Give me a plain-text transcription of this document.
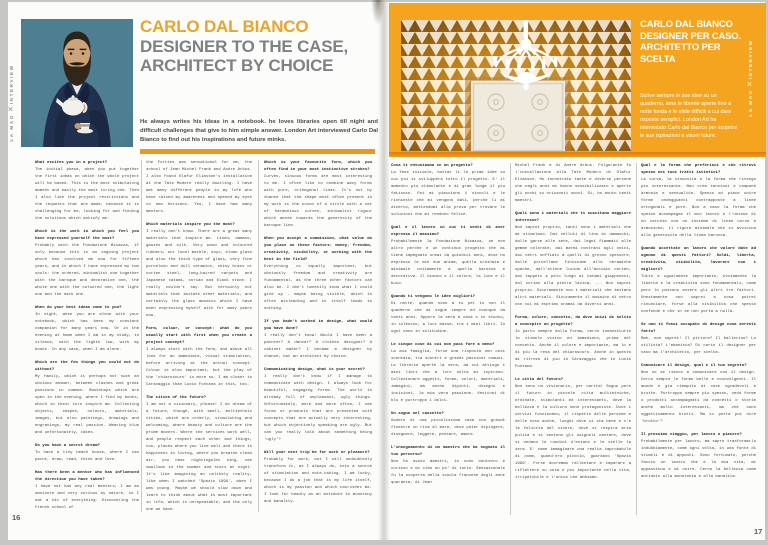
LA MAG
✕
INTERVIEW
CARLO DAL BIANCO
DESIGNER TO THE CASE,
ARCHITECT BY CHOICE
He always writes his ideas in a notebook. he loves libraries open till night and difficult challenges that give to him simple answer. London Art interviewed Carlo Dal Bianco to find out his inspirations and future minks.
What excites you in a project?
The initial phase, when you put together the first ideas on which the whole project will be based. This is the most stimulating moment and easily the most tiring one. Then I also like the project restrictions and the requests that are made, because it is challenging for me, looking for and finding the solutions which satisfy me.
Which is the work in which you feel you have expressed yourself the most?
Probably with the Fondazione Bisazza, if only because this is an ongoing project which has involved me now for fifteen years, and in which I have expressed my two souls: the ordered, minimalist one together with the baroque and decorative one, the white one with the coloured one, the light one and the dark one.
When do your best ideas come to you?
In night, when you are alone with your notebook, which has been my constant companion for many years now. Or in the evening at home when I am in my study, in silence, with the lights low, with my books. In any case, when I am alone.
Which are the few things you could not do without?
My family, which is perhaps not such an obvious answer, between clashes and great passions in common. Bookshops which are open in the evening, where I find my books, which in their turn inspire me. Collecting objects, shapes, colours, materials, images, but also paintings, drawings and engravings, my real passion. Wearing blue and unfortunately, cakes.
Do you have a secret dream?
To have a tiny beach house, where I can paint, draw, read, think and love.
Has there been a mentor who has influenced the direction you have taken?
I have not had any real mentors, I am an omnivore and very curious by nature, so I eat a bit of everything. Discovering the French school of
the Forties was sensational for me, the school of Jean Michel Frank and Andre Arbus. I also found Olafur Eliasson's installation at the Tate Modern really dazzling. I have met many different people in my life who have raised my awareness and opened my eyes to new horizons. Yes, I have had many mentors.
Which materials inspire you the most?
I really don't know. There are a great many materials that inspire me. Linen, damask, gauzes and silk. Very wood and coloured rubbers, our local marble, onyx, blown glass and also the thick type of glass, very fine porcelain and dull ceramics, shiny brass or corten steel, long-haired carpets and Japanese tatami, corian and black stone. I really couldn't say. But certainly not materials that imitate other materials, and certainly the glass mosaics which I have been expressing myself with for many years now.
Form, colour, or concept: what do you usually start with first when you create a project concept?
I always start with the form, and above all look for an immediate, visual stimulation, before arriving at the actual concept. Colour is also important, but the play of the 'chiaroscuro' is more so. I am closer to Caravaggio than Lucio Fontana in this, too.
The cities of the future?
I am not a visionary, please! I do dream of a future, though, with small, multiethnic cities, which are orderly, stimulating and welcoming, where beauty and culture are the prime movers. Where the services work well, and people respect each other and things, too, places where you live well and there is happiness in living, where you breathe clean air, you hear nightingales sing, see swallows in the summer and stars at night. It's like imagining an unlikely reality, like when I watched 'Spazio 1999', when I was young. Maybe we should slow down and learn to think about what is most important in life, which is unrepeatable, and the only one we have.
Which is your favourite form, which you often find in your most instinctive strokes?
Curves, sinuous forms are most interesting to me. I often like to combine wavy forms with pure, orthogonal lines. It's not by chance that the shape most often present in my work is the union of a circle with a set of harmonious curves, minimalist rigour which moves towards the generosity of the baroque line.
When you accept a commission, what value do you place on these factors: money, freedom, creativity, visibility, or working with the best in the field?
Everything is equally important, but obviously freedom and creativity are fundamental, as the three other factors can also be. I don't honestly know what I could give up - maybe being visible, which is often misleading and in itself leads to nothing.
If you hadn't worked in design, what would you have done?
I really don't know! Would I have been a painter? A dancer? A clothes designer? A cabinet maker? I became a designer by chance, but an architect by choice.
Communicating design, what is your secret?
I really don't know if I manage to communicate with design. I always look for beautiful, engaging forms. The world is already full of unpleasant, ugly things. Unfortunately, more and more often, I see forms or products that are presented with concepts that are actually very interesting, but which objectively speaking are ugly. But can you really talk about something being 'ugly'?
Will your next trip be for work or pleasure?
Probably for work, but I will undoubtedly transform it, as I always do, into a source of stimulation and note-taking. I am lucky, because I do a job that is my life itself, which is my passion and which nourishes me. I look for beauty as an antidote to monotony and banality.
16
CARLO DAL BIANCO
DESIGNER PER CASO.
ARCHITETTO PER
SCELTA
Scrive sempre le sue idee su un quaderno, ama le librerie aperte fino a notte fonda e le sfide difficili a cui dare risposte semplici. London Art ha intervistato Carlo dal Bianco per scoprire le sue ispirazioni e visoni future.
LA MAG
✕
INTERVIEW
Cosa ti entusiasma in un progetto?
La fase iniziale, buttar li le prime idee su cui poi si sviluppera tutto il progetto. E' il momento piu stimolante e di gran lunga il piu faticoso. Poi mi piacciono i vincoli e le richieste che mi vengono dati, perche li mi diverto, mettendomi alla prova per trovare le soluzioni che mi rendono felice.
Qual e il lavoro in cui ti senti di aver espresso il massimo?
Probabilmente la Fondazione Bisazza, se non altro perche e un continuo progetto che mi tiene impegnato ormai da quindici anni, dove ho espresso le mie due anime, quella ordinata e minimale unitamente a quella barocca e decorativa. Il bianco e il colore, la luce e il buio.
Quando ti vengono le idee migliori?
Di notte, quando sono a tu per tu con il quaderno che mi segue sempre ed ovunque da tanti anni. Oppure la sera a casa o in studio, in silenzio, a luci basse, tra i miei libri. In ogni caso in solitudine.
Le cinque cose di cui non puoi fare a meno?
La mia famiglia, forse una risposta non cosi scontata, tra scontri e grandi passioni comuni. Le librerie aperte la sera, da cui attingo i miei libri che a loro volta mi ispirano. Collezionare oggetti, forme, colori, materiali, immagini, ma anche dipinti, disegni e incisioni, la mia vera passione. Vestirmi di blu e purtroppo i dolci.
Un sogno nel cassetto?
Godere di una piccolissima casa con grandi finestre in riva al mare, dove poter dipingere, disegnare, leggere, pensare, amare.
L'insegnamento di un maestro che ha segnato il tuo percorso?
Non ho avuto maestri, io sono onnivoro e curioso e mi cibo un po' di tutto. Sensazionale fu la scoperta della scuola francese degli anni quaranta, di Jean
Michel Frank e di Andre Arbus. Folgorante fu l'installazione alla Tate Modern di Olafur Eliasson. Ho incontrato tante e diverse persone che negli anni mi hanno sensibilizzato e aperto gli occhi su orizzonti nuovi. Si, ho avuto tanti maestri.
Quali sono i materiali che ti suscitano maggiore interesse?
Non saprei proprio, tanti sono i materiali che mi stimolano. Dai velluti di lino ai damaschi, dalle garze alle sete, dai legni fiammati alle gemme colorate, dai marmi nostrani agli onici, dai vetri soffiati a quelli di grosso spessore, dalle porcellane finissime alle ceramiche opache, dall'ottone lucido all'acciaio corten, dai tappeti a pelo lungo ai tatami giapponesi, dal corian alla pietra lavica, ... Non saprei proprio. Sicuramente non i materiali che imitano altri materiali. Sicuramente il mosaico di vetro con cui mi esprimo oramai da diversi anni.
Forma, colore, concetto, da dove inizi di solito a concepire un progetto?
Io parto sempre dalla forma, cerco innanzitutto lo stimolo visivo ed immediato, prima del concetto. Anche il colore e importante, ma lo e di piu la resa del chiaroscuro. Anche in questo mi ritrovo di piu in Caravaggio che in Lucio Fontana.
Le citta del futuro?
Non sono un visionario, per carita! Sogno pero il futuro in piccole citta multietniche, ordinate, stimolanti ed interessanti, dove la bellezza e la cultura sono protagoniste. Dove i servizi funzionano, il rispetto delle persone e delle cose anche, luoghi dove si sta bene e c'e la felicita del vivere, dove si respira aria pulita e si sentono gli usignoli cantare, dove si vedano le rondini d'estate e le stelle la sera. E' come immaginare una realta improbabile di come, quand'ero piccolo, guardavo 'Spazio 1999'. Forse dovremmo rallentare e imparare a riflettere su cosa e piu importante nella vita, irripetibile e l'unica che abbiamo.
Qual e la forma che preferisci e che ritrovi spesso nei tuoi tratti istintivi?
La curva, la sinuosita e la forma che ritengo piu interessante. Non crea tensioni e compone armonia e sensualita. Spesso mi piace unire forme ondeggianti contrapposte a linee ortogonali e pure. Non a caso la forma che spesso accompagna il mio lavoro e l'unione di un cerchio con un insieme di linee curve e armoniche, il rigore minimale che si avvicina alla generosita della linea barocca.
Quando accettate un lavoro che valore date ad ognuno di questi fattori? Soldi, liberta, creativita, visibilita, lavorare con i migliori?
Tutto e ugualmente importante, ovviamente la liberta e la creativita sono fondamentali, come pero lo possono essere gli altri tre fattori. Onestamente non saprei a cosa potrei rinunciare, forse alla visibilita che spesso confonde e che in se non porta a nulla.
Se non ti fossi occupato di design cosa avresti fatto?
Mah, non saprei! Il pittore? Il ballerino? Lo stilista? L'ebanista? Di certo il designer per caso ma l'architetto, per scelta.
Comunicare il design, qual e il tuo segreto?
Non so se riesco a comunicare con il design. Cerco sempre le forme belle e coinvolgenti. Il mondo e gia riempito di cose sgradevoli e brutte. Purtroppo sempre piu spesso, vedo forme o prodotti accompagnati da concetti o storie anche molto interessanti, ma che sono oggettivamente brutti. Ma si potra poi dire 'brutto'?
Il prossimo viaggio, per lavoro o piacere?
Probabilmente per lavoro, ma sapro trasformarlo indubbiamente, come ogni volta, in una fonte di stimoli e di appunti. Sono fortunato, perche faccio un lavoro che e la mia vita, mi appassiona e mi nutre. Cerco la bellezza come antidoto alla monotonia e alla banalita.
17
